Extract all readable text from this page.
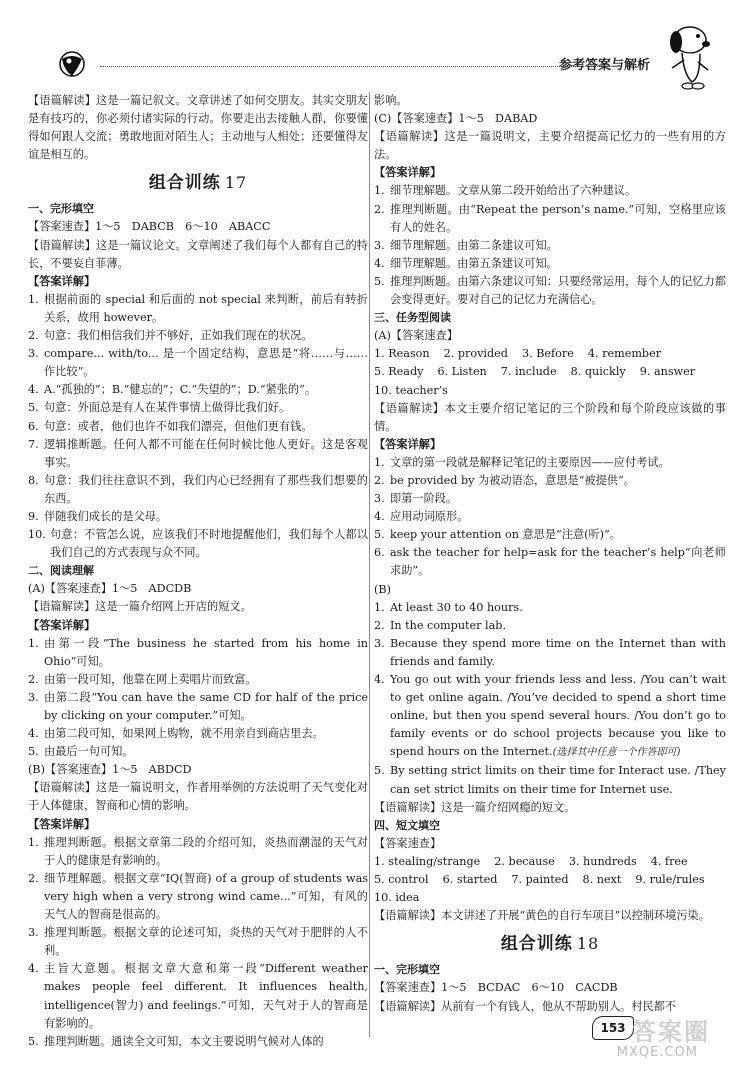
参考答案与解析

【语篇解读】这是一篇记叙文。文章讲述了如何交朋友。其实交朋友是有技巧的，你必须付诸实际的行动。你要走出去接触人群，你要懂得如何跟人交流；勇敢地面对陌生人；主动地与人相处；还要懂得友谊是相互的。

组合训练 17

一、完形填空

【答案速查】1～5　DABCB　6～10　ABACC

【语篇解读】这是一篇议论文。文章阐述了我们每个人都有自己的特长，不要妄自菲薄。

【答案详解】

1. 根据前面的 special 和后面的 not special 来判断，前后有转折关系，故用 however。
2. 句意：我们相信我们并不够好，正如我们现在的状况。
3. compare... with/to... 是一个固定结构，意思是“将……与……作比较”。
4. A.“孤独的”；B.“健忘的”；C.“失望的”；D.“紧张的”。
5. 句意：外面总是有人在某件事情上做得比我们好。
6. 句意：或者，他们也许不如我们漂亮，但他们更有钱。
7. 逻辑推断题。任何人都不可能在任何时候比他人更好。这是客观事实。
8. 句意：我们往往意识不到，我们内心已经拥有了那些我们想要的东西。
9. 伴随我们成长的是父母。
10. 句意：不管怎么说，应该我们不时地提醒他们，我们每个人都以我们自己的方式表现与众不同。

二、阅读理解

(A)【答案速查】1～5　ADCDB

【语篇解读】这是一篇介绍网上开店的短文。

【答案详解】

1. 由第一段“The business he started from his home in Ohio”可知。
2. 由第一段可知，他靠在网上卖唱片而致富。
3. 由第二段“You can have the same CD for half of the price by clicking on your computer.”可知。
4. 由第二段可知，如果网上购物，就不用亲自到商店里去。
5. 由最后一句可知。

(B)【答案速查】1～5　ABDCD

【语篇解读】这是一篇说明文，作者用举例的方法说明了天气变化对于人体健康，智商和心情的影响。

【答案详解】

1. 推理判断题。根据文章第二段的介绍可知，炎热而潮湿的天气对于人的健康是有影响的。
2. 细节理解题。根据文章“IQ(智商) of a group of students was very high when a very strong wind came...”可知，有风的天气人的智商是很高的。
3. 推理判断题。根据文章的论述可知，炎热的天气对于肥胖的人不利。
4. 主旨大意题。根据文章大意和第一段“Different weather makes people feel different. It influences health, intelligence(智力) and feelings.”可知，天气对于人的智商是有影响的。
5. 推理判断题。通读全文可知，本文主要说明气候对人体的

影响。

(C)【答案速查】1～5　DABAD

【语篇解读】这是一篇说明文，主要介绍提高记忆力的一些有用的方法。

【答案详解】

1. 细节理解题。文章从第二段开始给出了六种建议。
2. 推理判断题。由“Repeat the person’s name.”可知，空格里应该有人的姓名。
3. 细节理解题。由第二条建议可知。
4. 细节理解题。由第五条建议可知。
5. 推理判断题。由第六条建议可知：只要经常运用，每个人的记忆力都会变得更好。要对自己的记忆力充满信心。

三、任务型阅读

(A)【答案速查】

1. Reason 2. provided 3. Before 4. remember
5. Ready 6. Listen 7. include 8. quickly 9. answer

10. teacher’s

【语篇解读】本文主要介绍记笔记的三个阶段和每个阶段应该做的事情。

【答案详解】

1. 文章的第一段就是解释记笔记的主要原因——应付考试。
2. be provided by 为被动语态，意思是“被提供”。
3. 即第一阶段。
4. 应用动词原形。
5. keep your attention on 意思是“注意(听)”。
6. ask the teacher for help=ask for the teacher’s help“向老师求助”。

(B)

1. At least 30 to 40 hours.
2. In the computer lab.
3. Because they spend more time on the Internet than with friends and family.
4. You go out with your friends less and less. /You can’t wait to get online again. /You’ve decided to spend a short time online, but then you spend several hours. /You don’t go to family events or do school projects because you like to spend hours on the Internet.(选择其中任意一个作答即可)
5. By setting strict limits on their time for Interact use. /They can set strict limits on their time for Internet use.

【语篇解读】这是一篇介绍网瘾的短文。

四、短文填空

【答案速查】

1. stealing/strange 2. because 3. hundreds 4. free
5. control 6. started 7. painted 8. next 9. rule/rules

10. idea

【语篇解读】本文讲述了开展“黄色的自行车项目”以控制环境污染。

组合训练 18

一、完形填空

【答案速查】1～5　BCDAC　6～10　CACDB

【语篇解读】从前有一个有钱人，他从不帮助别人。村民都不

153 答案圈
MXQE.COM
